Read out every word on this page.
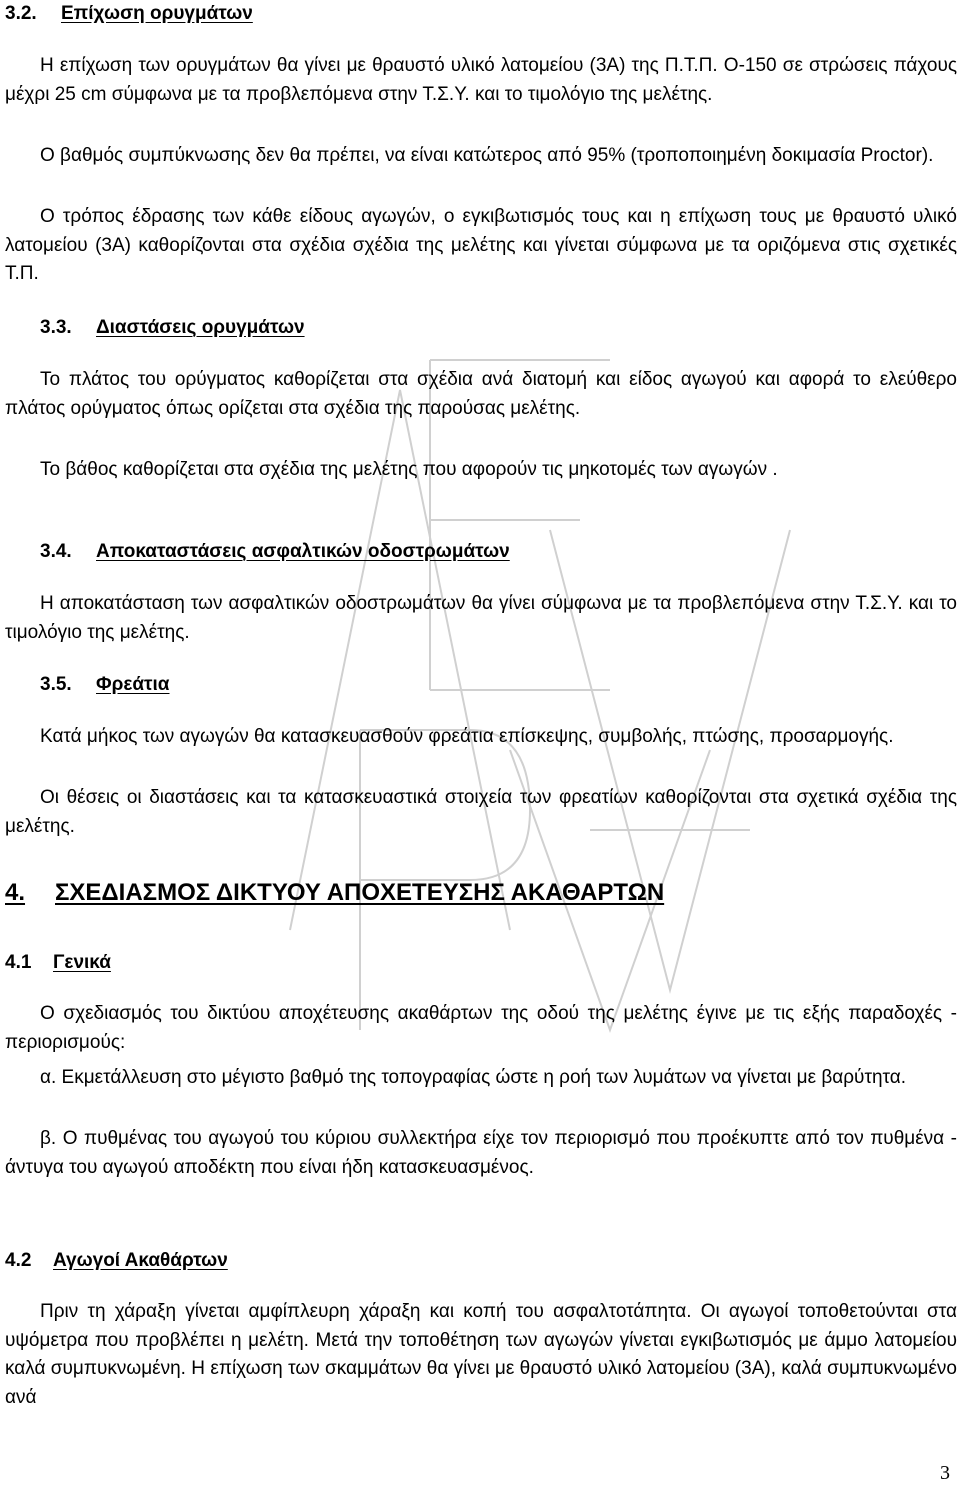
3.2. Επίχωση ορυγμάτων

Η επίχωση των ορυγμάτων θα γίνει με θραυστό υλικό λατομείου (3Α) της Π.Τ.Π. Ο-150 σε στρώσεις πάχους μέχρι 25 cm σύμφωνα με τα προβλεπόμενα στην Τ.Σ.Υ. και το τιμολόγιο της μελέτης.

Ο βαθμός συμπύκνωσης δεν θα πρέπει, να είναι κατώτερος από 95% (τροποποιημένη δοκιμασία Proctor).

Ο τρόπος έδρασης των κάθε είδους αγωγών, ο εγκιβωτισμός τους και η επίχωση τους με θραυστό υλικό λατομείου (3Α) καθορίζονται στα σχέδια σχέδια της μελέτης και γίνεται σύμφωνα με τα οριζόμενα στις σχετικές Τ.Π.

3.3. Διαστάσεις ορυγμάτων

Το πλάτος του ορύγματος καθορίζεται στα σχέδια ανά διατομή και είδος αγωγού και αφορά το ελεύθερο πλάτος ορύγματος όπως ορίζεται στα σχέδια της παρούσας μελέτης.

Το βάθος καθορίζεται στα σχέδια της μελέτης που αφορούν τις μηκοτομές των αγωγών .

3.4. Αποκαταστάσεις ασφαλτικών οδοστρωμάτων

Η αποκατάσταση των ασφαλτικών οδοστρωμάτων θα γίνει σύμφωνα με τα προβλεπόμενα στην Τ.Σ.Υ. και το τιμολόγιο της μελέτης.

3.5. Φρεάτια

Κατά μήκος των αγωγών θα κατασκευασθούν φρεάτια επίσκεψης, συμβολής, πτώσης, προσαρμογής.

Οι θέσεις οι διαστάσεις και τα κατασκευαστικά στοιχεία των φρεατίων καθορίζονται στα σχετικά σχέδια της μελέτης.

4. ΣΧΕΔΙΑΣΜΟΣ ΔΙΚΤΥΟΥ ΑΠΟΧΕΤΕΥΣΗΣ ΑΚΑΘΑΡΤΩΝ
4.1 Γενικά

Ο σχεδιασμός του δικτύου αποχέτευσης ακαθάρτων της οδού της μελέτης έγινε με τις εξής παραδοχές - περιορισμούς:

α. Εκμετάλλευση στο μέγιστο βαθμό της τοπογραφίας ώστε η ροή των λυμάτων να γίνεται με βαρύτητα.

β. Ο πυθμένας του αγωγού του κύριου συλλεκτήρα είχε τον περιορισμό που προέκυπτε από τον πυθμένα - άντυγα του αγωγού αποδέκτη που είναι ήδη κατασκευασμένος.

4.2 Αγωγοί Ακαθάρτων

Πριν τη χάραξη γίνεται αμφίπλευρη χάραξη και κοπή του ασφαλτοτάπητα. Οι αγωγοί τοποθετούνται στα υψόμετρα που προβλέπει η μελέτη. Μετά την τοποθέτηση των αγωγών γίνεται εγκιβωτισμός με άμμο λατομείου καλά συμπυκνωμένη. Η επίχωση των σκαμμάτων θα γίνει με θραυστό υλικό λατομείου (3Α), καλά συμπυκνωμένο ανά

3
